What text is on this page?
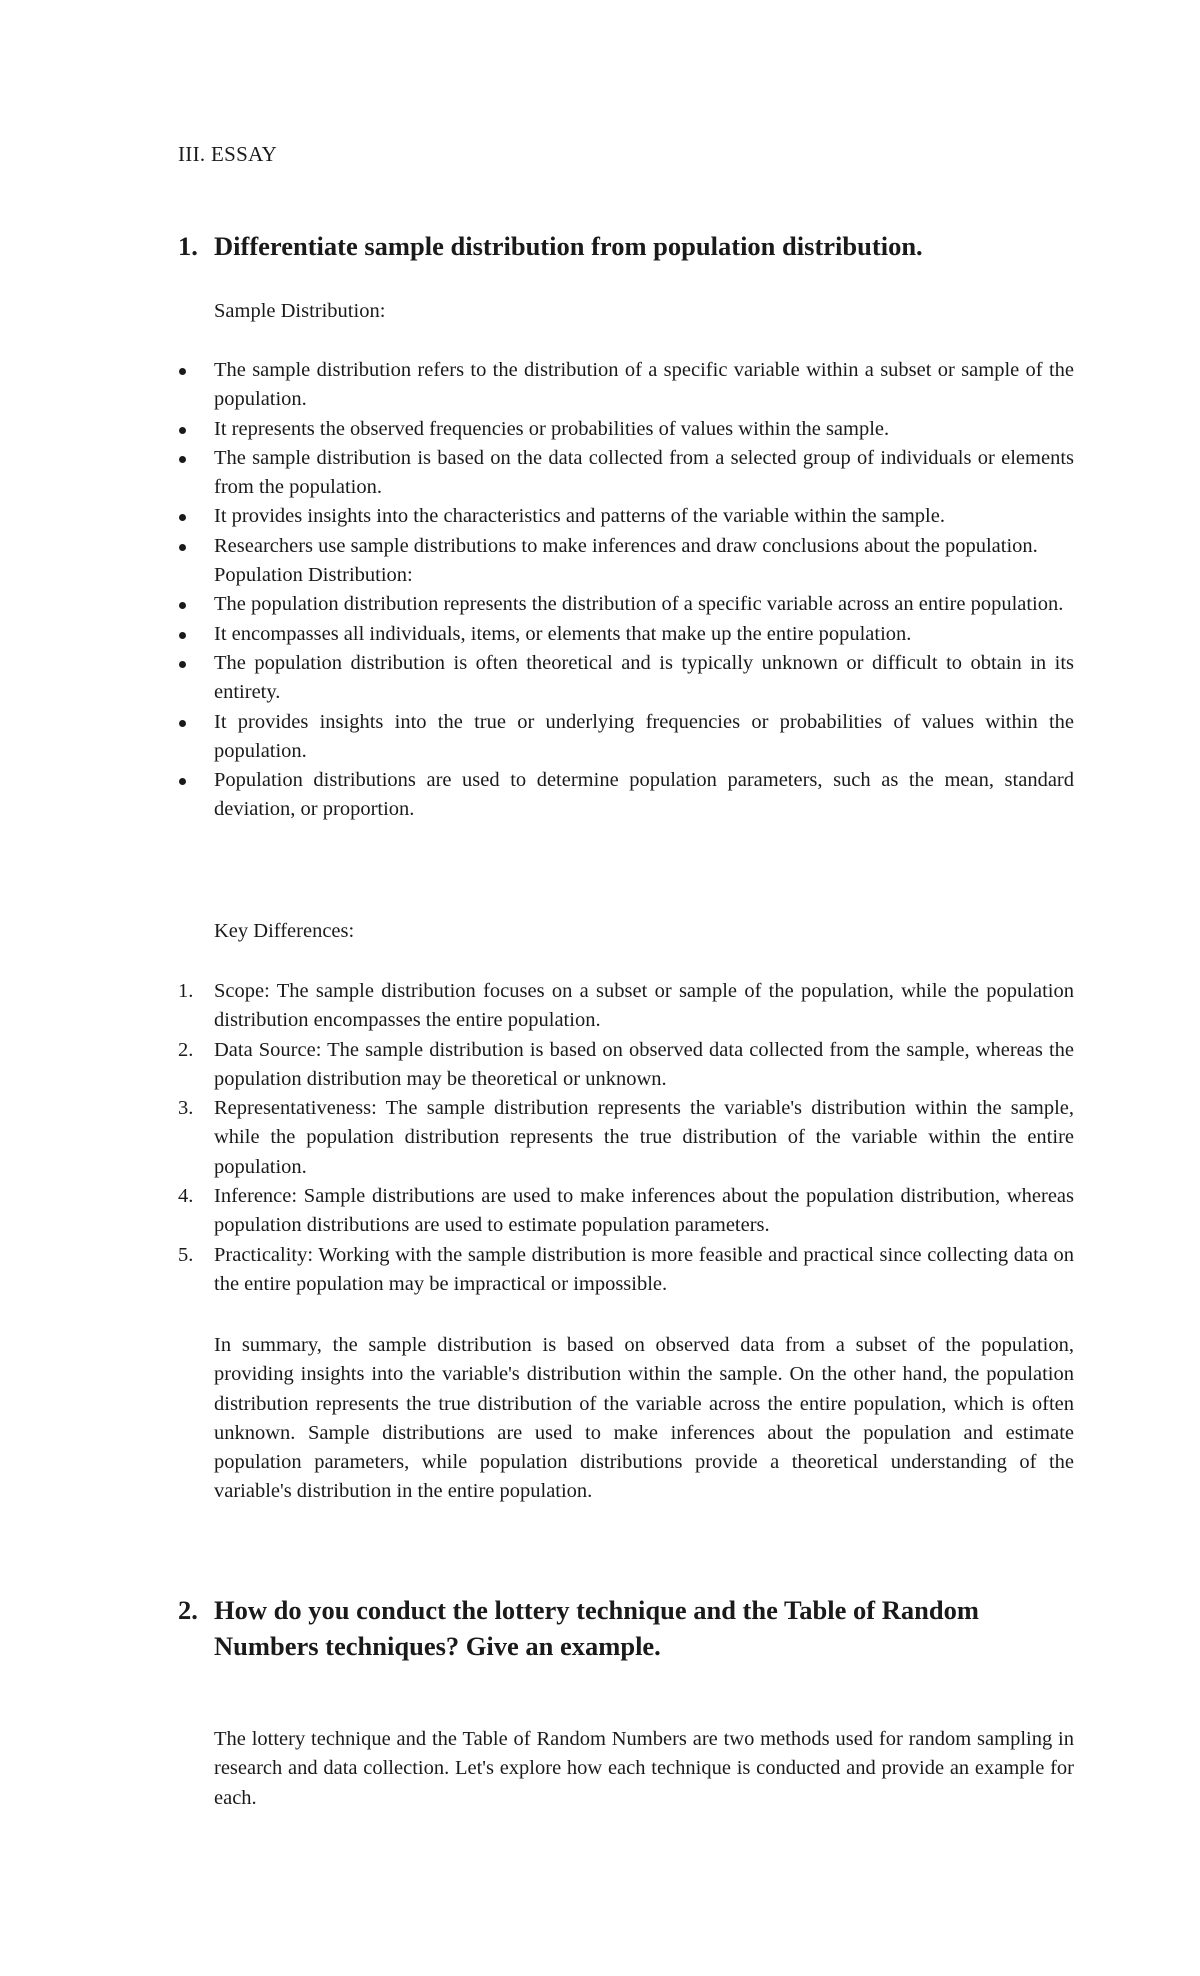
III. ESSAY
1. Differentiate sample distribution from population distribution.
Sample Distribution:
The sample distribution refers to the distribution of a specific variable within a subset or sample of the population.
It represents the observed frequencies or probabilities of values within the sample.
The sample distribution is based on the data collected from a selected group of individuals or elements from the population.
It provides insights into the characteristics and patterns of the variable within the sample.
Researchers use sample distributions to make inferences and draw conclusions about the population.
Population Distribution:
The population distribution represents the distribution of a specific variable across an entire population.
It encompasses all individuals, items, or elements that make up the entire population.
The population distribution is often theoretical and is typically unknown or difficult to obtain in its entirety.
It provides insights into the true or underlying frequencies or probabilities of values within the population.
Population distributions are used to determine population parameters, such as the mean, standard deviation, or proportion.
Key Differences:
1. Scope: The sample distribution focuses on a subset or sample of the population, while the population distribution encompasses the entire population.
2. Data Source: The sample distribution is based on observed data collected from the sample, whereas the population distribution may be theoretical or unknown.
3. Representativeness: The sample distribution represents the variable's distribution within the sample, while the population distribution represents the true distribution of the variable within the entire population.
4. Inference: Sample distributions are used to make inferences about the population distribution, whereas population distributions are used to estimate population parameters.
5. Practicality: Working with the sample distribution is more feasible and practical since collecting data on the entire population may be impractical or impossible.
In summary, the sample distribution is based on observed data from a subset of the population, providing insights into the variable's distribution within the sample. On the other hand, the population distribution represents the true distribution of the variable across the entire population, which is often unknown. Sample distributions are used to make inferences about the population and estimate population parameters, while population distributions provide a theoretical understanding of the variable's distribution in the entire population.
2. How do you conduct the lottery technique and the Table of Random Numbers techniques? Give an example.
The lottery technique and the Table of Random Numbers are two methods used for random sampling in research and data collection. Let's explore how each technique is conducted and provide an example for each.
